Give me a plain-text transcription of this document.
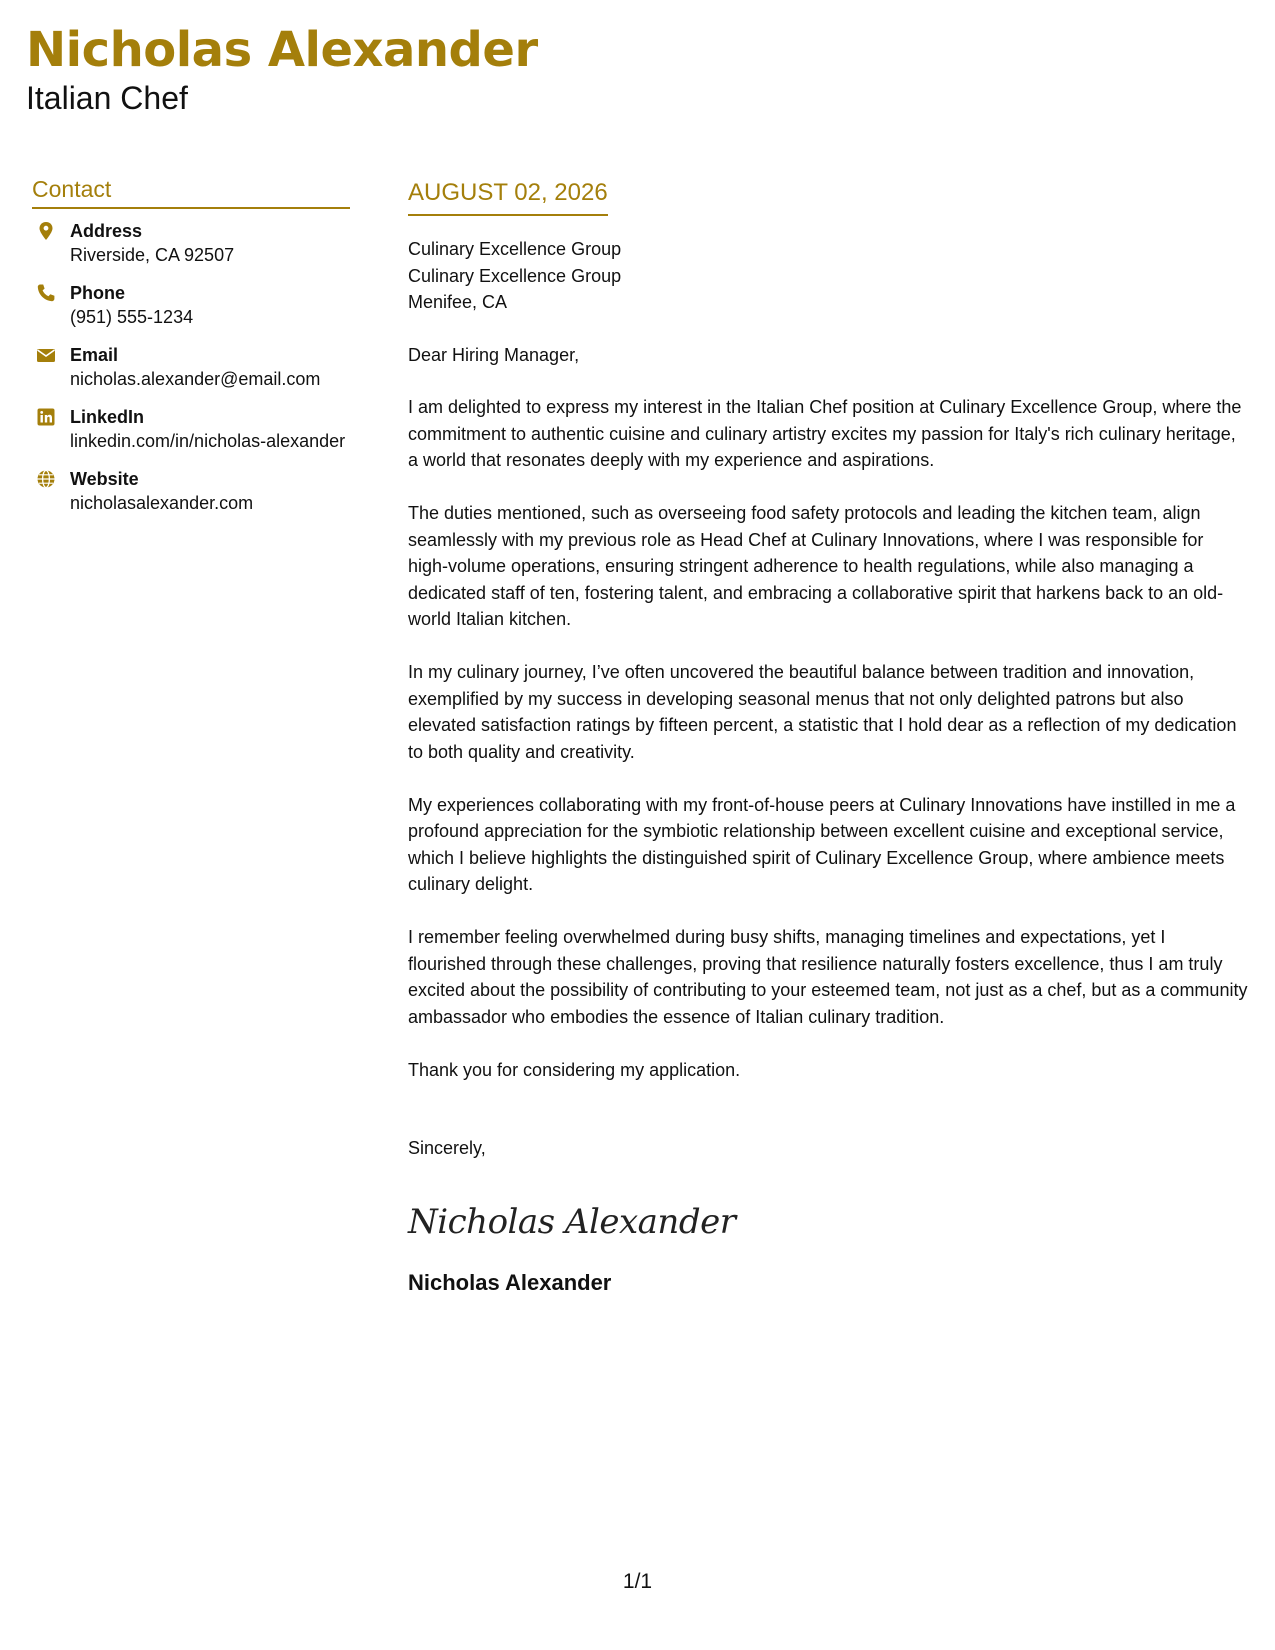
Nicholas Alexander
Italian Chef
Contact
Address
Riverside, CA 92507
Phone
(951) 555-1234
Email
nicholas.alexander@email.com
LinkedIn
linkedin.com/in/nicholas-alexander
Website
nicholasalexander.com
AUGUST 02, 2026

Culinary Excellence Group

Culinary Excellence Group

Menifee, CA

Dear Hiring Manager,

I am delighted to express my interest in the Italian Chef position at Culinary Excellence Group, where the commitment to authentic cuisine and culinary artistry excites my passion for Italy's rich culinary heritage, a world that resonates deeply with my experience and aspirations.

The duties mentioned, such as overseeing food safety protocols and leading the kitchen team, align seamlessly with my previous role as Head Chef at Culinary Innovations, where I was responsible for high-volume operations, ensuring stringent adherence to health regulations, while also managing a dedicated staff of ten, fostering talent, and embracing a collaborative spirit that harkens back to an old-world Italian kitchen.

In my culinary journey, I’ve often uncovered the beautiful balance between tradition and innovation, exemplified by my success in developing seasonal menus that not only delighted patrons but also elevated satisfaction ratings by fifteen percent, a statistic that I hold dear as a reflection of my dedication to both quality and creativity.

My experiences collaborating with my front-of-house peers at Culinary Innovations have instilled in me a profound appreciation for the symbiotic relationship between excellent cuisine and exceptional service, which I believe highlights the distinguished spirit of Culinary Excellence Group, where ambience meets culinary delight.

I remember feeling overwhelmed during busy shifts, managing timelines and expectations, yet I flourished through these challenges, proving that resilience naturally fosters excellence, thus I am truly excited about the possibility of contributing to your esteemed team, not just as a chef, but as a community ambassador who embodies the essence of Italian culinary tradition.

Thank you for considering my application.

Sincerely,

Nicholas Alexander
Nicholas Alexander
1/1
